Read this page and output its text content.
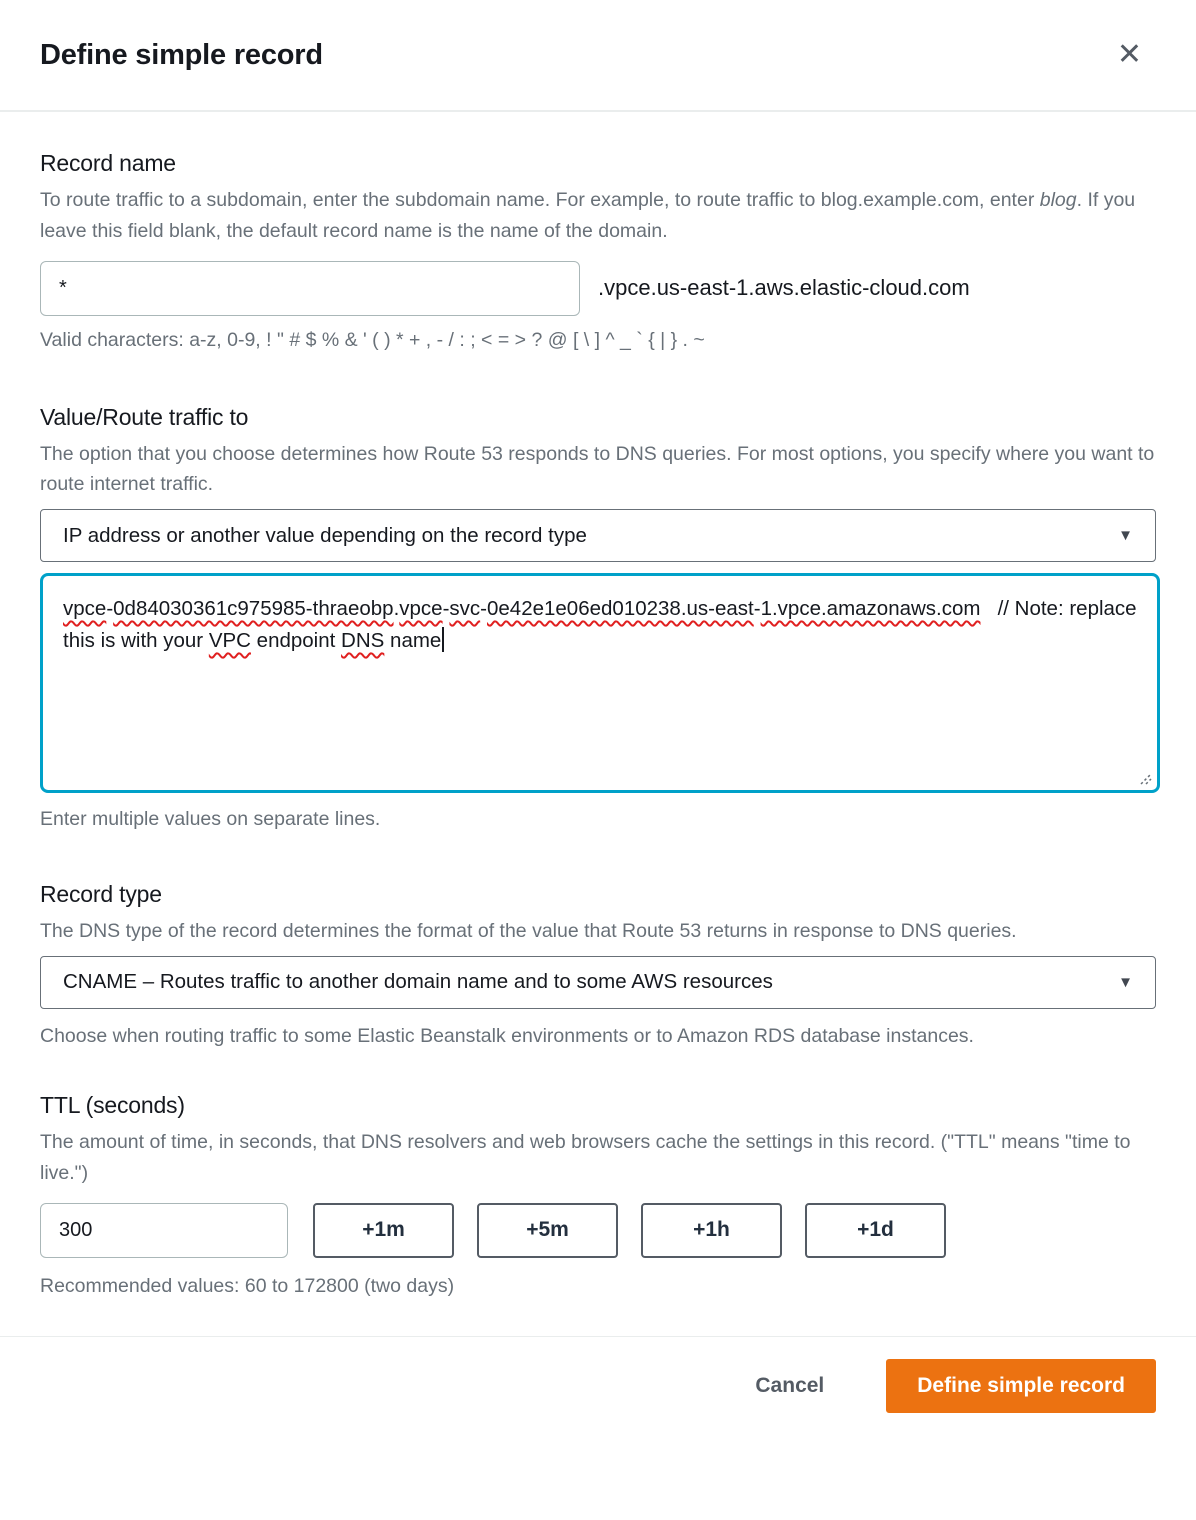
Define simple record	✕
Record name

To route traffic to a subdomain, enter the subdomain name. For example, to route traffic to blog.example.com, enter blog. If you leave this field blank, the default record name is the name of the domain.

*
.vpce.us-east-1.aws.elastic-cloud.com

Valid characters: a-z, 0-9, ! " # $ % & ' ( ) * + , - / : ; < = > ? @ [ \ ] ^ _ ` { | } . ~

Value/Route traffic to

The option that you choose determines how Route 53 responds to DNS queries. For most options, you specify where you want to route internet traffic.

IP address or another value depending on the record type	▼
vpce-0d84030361c975985-thraeobp.vpce-svc-0e42e1e06ed010238.us-east-1.vpce.amazonaws.com   // Note: replace this is with your VPC endpoint DNS name

Enter multiple values on separate lines.

Record type

The DNS type of the record determines the format of the value that Route 53 returns in response to DNS queries.

CNAME – Routes traffic to another domain name and to some AWS resources	▼

Choose when routing traffic to some Elastic Beanstalk environments or to Amazon RDS database instances.

TTL (seconds)

The amount of time, in seconds, that DNS resolvers and web browsers cache the settings in this record. ("TTL" means "time to live.")

300
+1m	+5m	+1h	+1d

Recommended values: 60 to 172800 (two days)

Cancel	Define simple record
